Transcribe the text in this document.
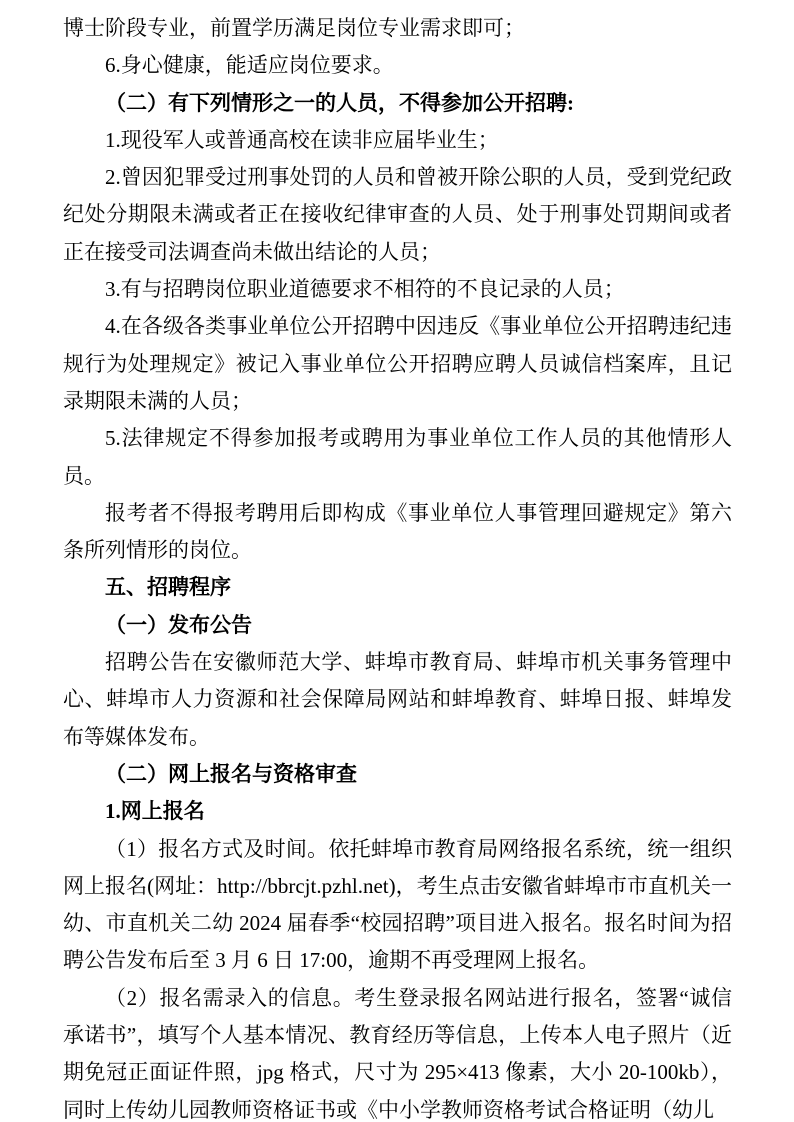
博士阶段专业，前置学历满足岗位专业需求即可；

6.身心健康，能适应岗位要求。

（二）有下列情形之一的人员，不得参加公开招聘:

1.现役军人或普通高校在读非应届毕业生；

2.曾因犯罪受过刑事处罚的人员和曾被开除公职的人员，受到党纪政纪处分期限未满或者正在接收纪律审查的人员、处于刑事处罚期间或者正在接受司法调查尚未做出结论的人员；

3.有与招聘岗位职业道德要求不相符的不良记录的人员；

4.在各级各类事业单位公开招聘中因违反《事业单位公开招聘违纪违规行为处理规定》被记入事业单位公开招聘应聘人员诚信档案库，且记录期限未满的人员；

5.法律规定不得参加报考或聘用为事业单位工作人员的其他情形人员。

报考者不得报考聘用后即构成《事业单位人事管理回避规定》第六条所列情形的岗位。

五、招聘程序

（一）发布公告

招聘公告在安徽师范大学、蚌埠市教育局、蚌埠市机关事务管理中心、蚌埠市人力资源和社会保障局网站和蚌埠教育、蚌埠日报、蚌埠发布等媒体发布。

（二）网上报名与资格审查

1.网上报名

（1）报名方式及时间。依托蚌埠市教育局网络报名系统，统一组织网上报名(网址：http://bbrcjt.pzhl.net)，考生点击安徽省蚌埠市市直机关一幼、市直机关二幼 2024 届春季“校园招聘”项目进入报名。报名时间为招聘公告发布后至 3 月 6 日 17:00，逾期不再受理网上报名。

（2）报名需录入的信息。考生登录报名网站进行报名，签署“诚信承诺书”，填写个人基本情况、教育经历等信息，上传本人电子照片（近期免冠正面证件照，jpg 格式，尺寸为 295×413 像素，大小 20-100kb），同时上传幼儿园教师资格证书或《中小学教师资格考试合格证明（幼儿
